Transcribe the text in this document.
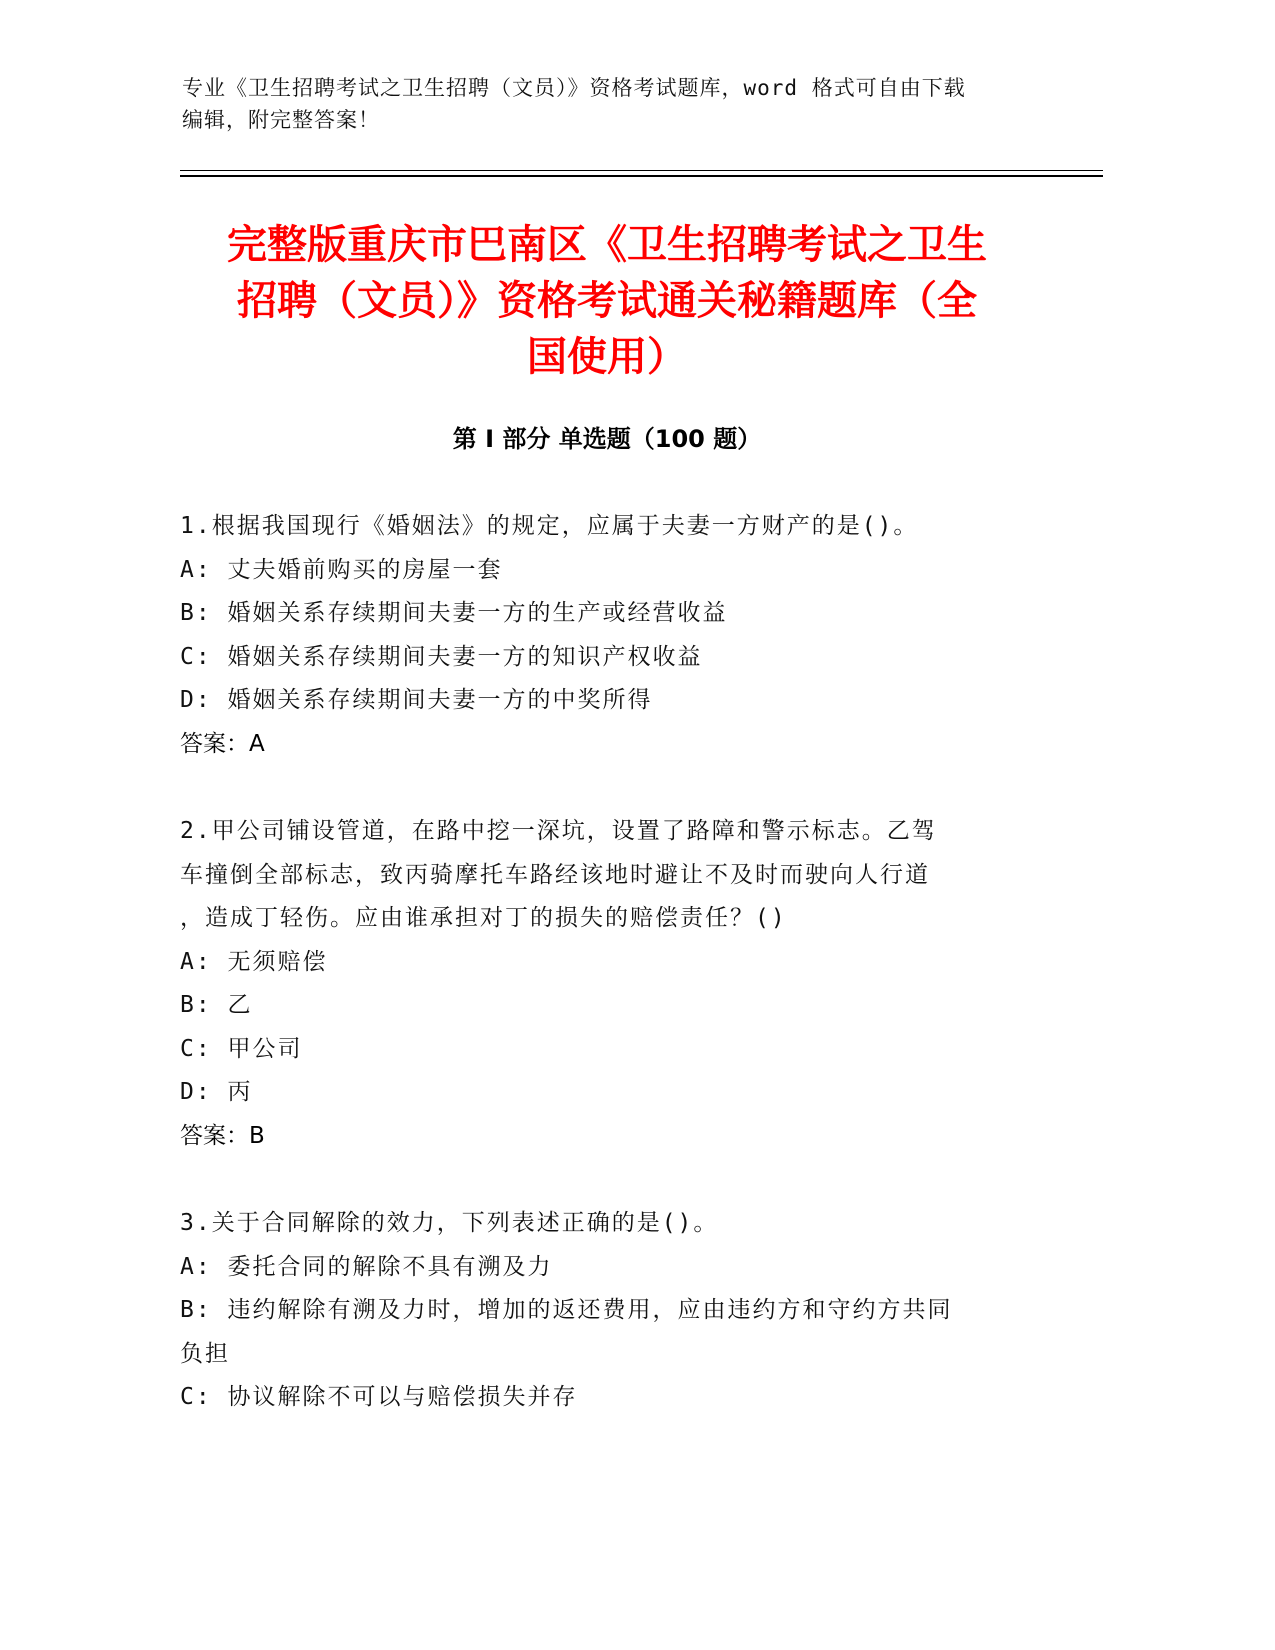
专业《卫生招聘考试之卫生招聘（文员）》资格考试题库，word 格式可自由下载
编辑，附完整答案！
完整版重庆市巴南区《卫生招聘考试之卫生
招聘（文员）》资格考试通关秘籍题库（全
国使用）
第 I 部分 单选题（100 题）

1.根据我国现行《婚姻法》的规定，应属于夫妻一方财产的是()。

A: 丈夫婚前购买的房屋一套

B: 婚姻关系存续期间夫妻一方的生产或经营收益

C: 婚姻关系存续期间夫妻一方的知识产权收益

D: 婚姻关系存续期间夫妻一方的中奖所得

答案：A

2.甲公司铺设管道，在路中挖一深坑，设置了路障和警示标志。乙驾

车撞倒全部标志，致丙骑摩托车路经该地时避让不及时而驶向人行道

，造成丁轻伤。应由谁承担对丁的损失的赔偿责任？()

A: 无须赔偿

B: 乙

C: 甲公司

D: 丙

答案：B

3.关于合同解除的效力，下列表述正确的是()。

A: 委托合同的解除不具有溯及力

B: 违约解除有溯及力时，增加的返还费用，应由违约方和守约方共同

负担

C: 协议解除不可以与赔偿损失并存
